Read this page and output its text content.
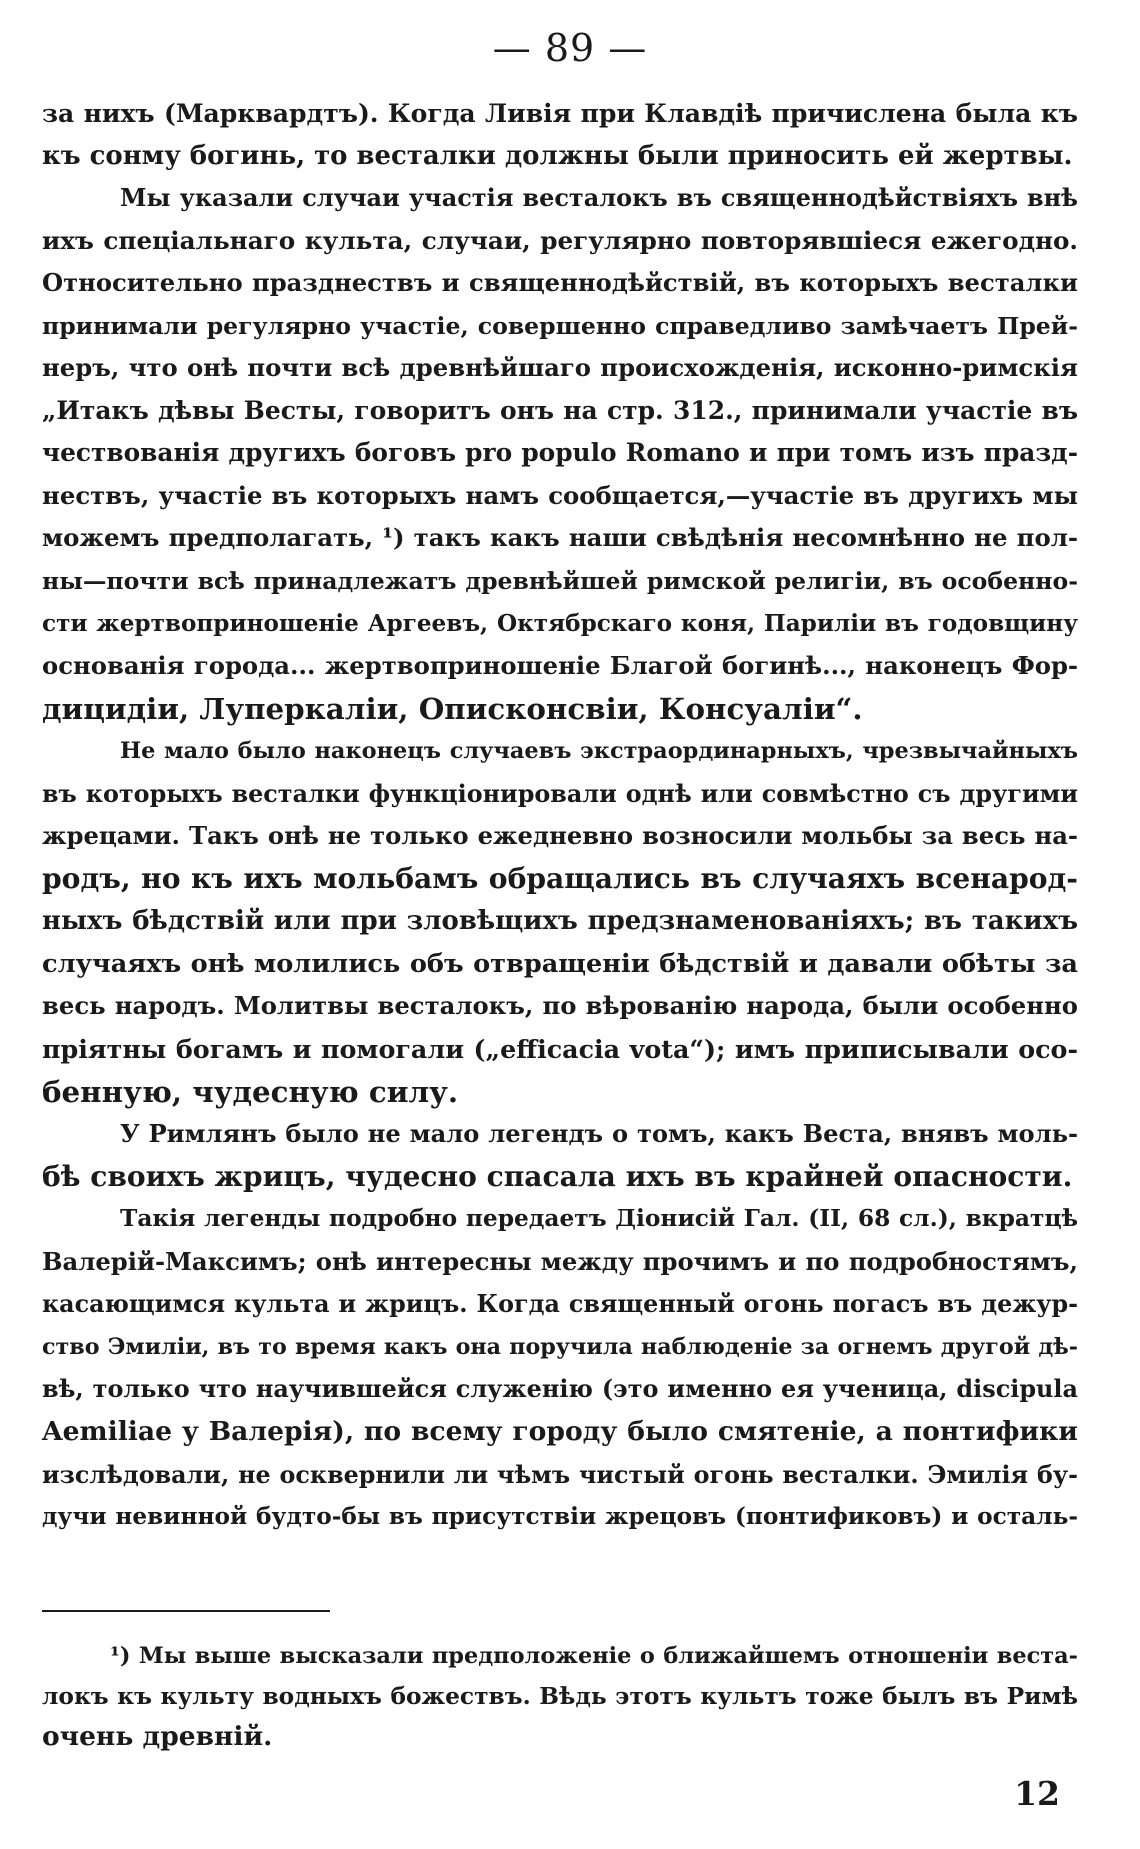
— 89 —
за нихъ (Марквардтъ). Когда Ливія при Клавдіѣ причислена была къ
къ сонму богинь, то весталки должны были приносить ей жертвы.
Мы указали случаи участія весталокъ въ священнодѣйствіяхъ внѣ
ихъ спеціальнаго культа, случаи, регулярно повторявшіеся ежегодно.
Относительно празднествъ и священнодѣйствій, въ которыхъ весталки
принимали регулярно участіе, совершенно справедливо замѣчаетъ Прей-
неръ, что онѣ почти всѣ древнѣйшаго происхожденія, исконно-римскія
„Итакъ дѣвы Весты, говоритъ онъ на стр. 312., принимали участіе въ
чествованія другихъ боговъ pro populo Romano и при томъ изъ празд-
нествъ, участіе въ которыхъ намъ сообщается,—участіе въ другихъ мы
можемъ предполагать, ¹) такъ какъ наши свѣдѣнія несомнѣнно не пол-
ны—почти всѣ принадлежатъ древнѣйшей римской религіи, въ особенно-
сти жертвоприношеніе Аргеевъ, Октябрскаго коня, Париліи въ годовщину
основанія города... жертвоприношеніе Благой богинѣ..., наконецъ Фор-
дицидіи, Луперкаліи, Описконсвіи, Консуаліи“.
Не мало было наконецъ случаевъ экстраординарныхъ, чрезвычайныхъ
въ которыхъ весталки функціонировали однѣ или совмѣстно съ другими
жрецами. Такъ онѣ не только ежедневно возносили мольбы за весь на-
родъ, но къ ихъ мольбамъ обращались въ случаяхъ всенарод-
ныхъ бѣдствій или при зловѣщихъ предзнаменованіяхъ; въ такихъ
случаяхъ онѣ молились объ отвращеніи бѣдствій и давали обѣты за
весь народъ. Молитвы весталокъ, по вѣрованію народа, были особенно
пріятны богамъ и помогали („efficacia vota“); имъ приписывали осо-
бенную, чудесную силу.
У Римлянъ было не мало легендъ о томъ, какъ Веста, внявъ моль-
бѣ своихъ жрицъ, чудесно спасала ихъ въ крайней опасности.
Такія легенды подробно передаетъ Діонисій Гал. (II, 68 сл.), вкратцѣ
Валерій-Максимъ; онѣ интересны между прочимъ и по подробностямъ,
касающимся культа и жрицъ. Когда священный огонь погасъ въ дежур-
ство Эмиліи, въ то время какъ она поручила наблюденіе за огнемъ другой дѣ-
вѣ, только что научившейся служенію (это именно ея ученица, discipula
Aemiliae у Валерія), по всему городу было смятеніе, а понтифики
изслѣдовали, не осквернили ли чѣмъ чистый огонь весталки. Эмилія бу-
дучи невинной будто-бы въ присутствіи жрецовъ (понтификовъ) и осталь-
¹) Мы выше высказали предположеніе о ближайшемъ отношеніи веста-
локъ къ культу водныхъ божествъ. Вѣдь этотъ культъ тоже былъ въ Римѣ
очень древній.
12
